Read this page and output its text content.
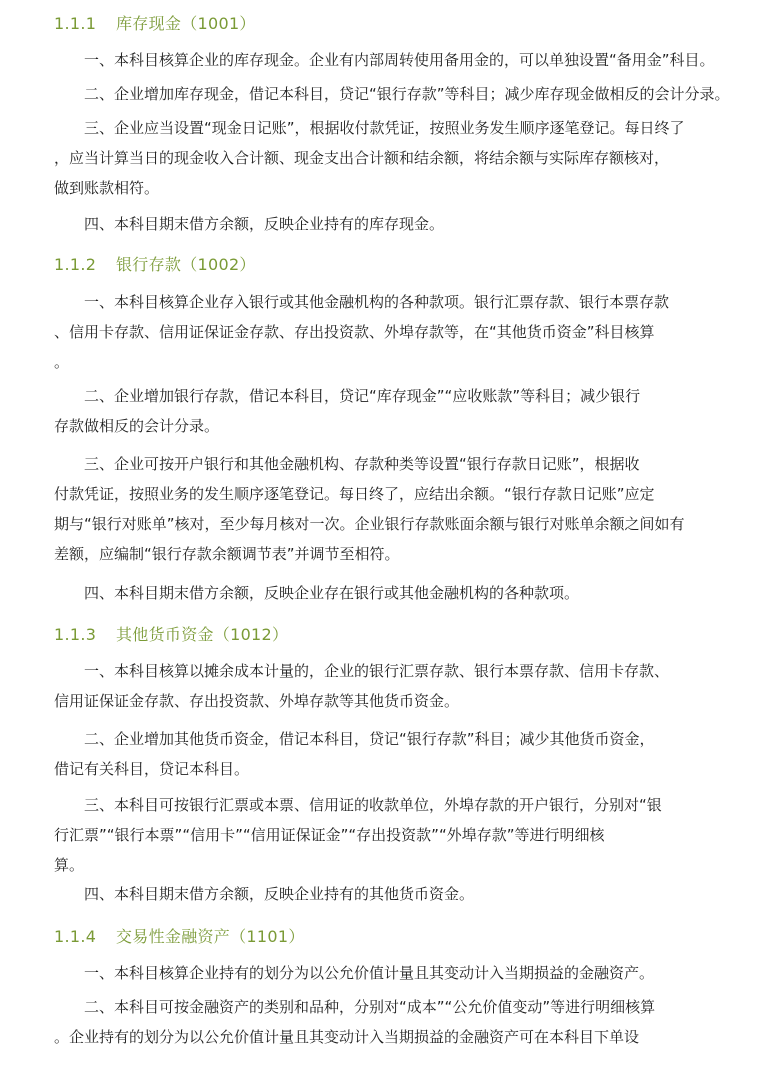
1.1.1 库存现金（1001）
一、本科目核算企业的库存现金。企业有内部周转使用备用金的，可以单独设置“备用金”科目。
二、企业增加库存现金，借记本科目，贷记“银行存款”等科目；减少库存现金做相反的会计分录。
三、企业应当设置“现金日记账”，根据收付款凭证，按照业务发生顺序逐笔登记。每日终了
，应当计算当日的现金收入合计额、现金支出合计额和结余额，将结余额与实际库存额核对，
做到账款相符。
四、本科目期末借方余额，反映企业持有的库存现金。
1.1.2 银行存款（1002）
一、本科目核算企业存入银行或其他金融机构的各种款项。银行汇票存款、银行本票存款
、信用卡存款、信用证保证金存款、存出投资款、外埠存款等，在“其他货币资金”科目核算
。
二、企业增加银行存款，借记本科目，贷记“库存现金”“应收账款”等科目；减少银行
存款做相反的会计分录。
三、企业可按开户银行和其他金融机构、存款种类等设置“银行存款日记账”，根据收
付款凭证，按照业务的发生顺序逐笔登记。每日终了，应结出余额。“银行存款日记账”应定
期与“银行对账单”核对，至少每月核对一次。企业银行存款账面余额与银行对账单余额之间如有
差额，应编制“银行存款余额调节表”并调节至相符。
四、本科目期末借方余额，反映企业存在银行或其他金融机构的各种款项。
1.1.3 其他货币资金（1012）
一、本科目核算以摊余成本计量的，企业的银行汇票存款、银行本票存款、信用卡存款、
信用证保证金存款、存出投资款、外埠存款等其他货币资金。
二、企业增加其他货币资金，借记本科目，贷记“银行存款”科目；减少其他货币资金，
借记有关科目，贷记本科目。
三、本科目可按银行汇票或本票、信用证的收款单位，外埠存款的开户银行，分别对“银
行汇票”“银行本票”“信用卡”“信用证保证金”“存出投资款”“外埠存款”等进行明细核
算。
四、本科目期末借方余额，反映企业持有的其他货币资金。
1.1.4 交易性金融资产（1101）
一、本科目核算企业持有的划分为以公允价值计量且其变动计入当期损益的金融资产。
二、本科目可按金融资产的类别和品种，分别对“成本”“公允价值变动”等进行明细核算
。企业持有的划分为以公允价值计量且其变动计入当期损益的金融资产可在本科目下单设
